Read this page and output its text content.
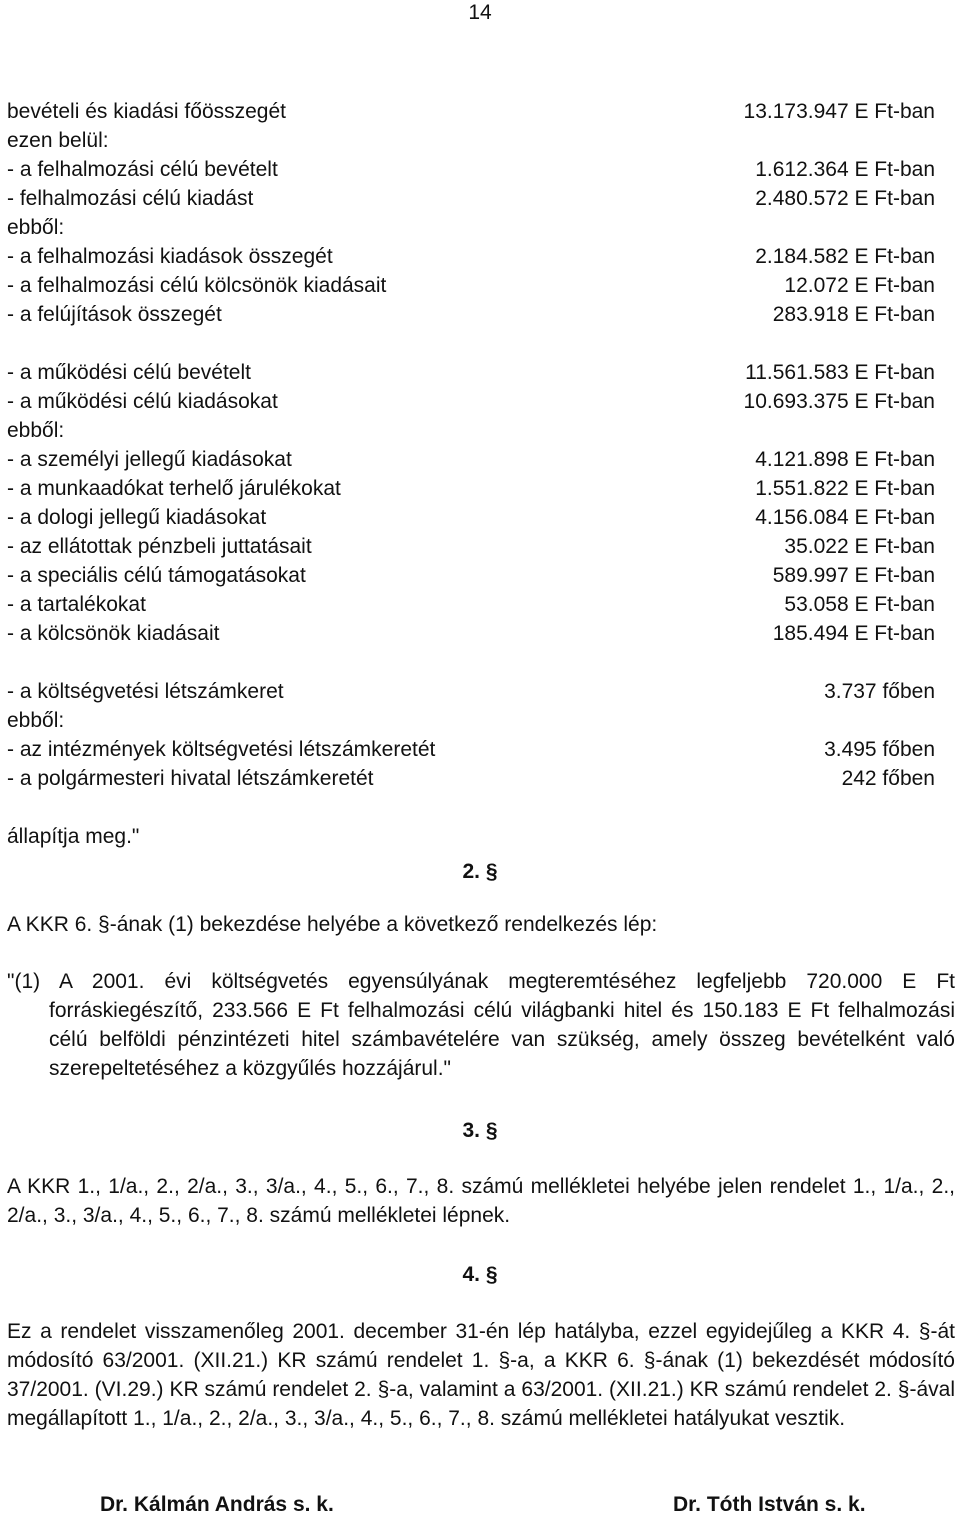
14
bevételi és kiadási főösszegét	13.173.947 E Ft-ban
ezen belül:
- a felhalmozási célú bevételt	1.612.364 E Ft-ban
- felhalmozási célú kiadást	2.480.572 E Ft-ban
ebből:
- a felhalmozási kiadások összegét	2.184.582 E Ft-ban
- a felhalmozási célú kölcsönök kiadásait	12.072 E Ft-ban
- a felújítások összegét	283.918 E Ft-ban
- a működési célú bevételt	11.561.583 E Ft-ban
- a működési célú kiadásokat	10.693.375 E Ft-ban
ebből:
- a személyi jellegű kiadásokat	4.121.898 E Ft-ban
- a munkaadókat terhelő járulékokat	1.551.822 E Ft-ban
- a dologi jellegű kiadásokat	4.156.084 E Ft-ban
- az ellátottak pénzbeli juttatásait	35.022 E Ft-ban
- a speciális célú támogatásokat	589.997 E Ft-ban
- a tartalékokat	53.058 E Ft-ban
- a kölcsönök kiadásait	185.494 E Ft-ban
- a költségvetési létszámkeret	3.737 főben
ebből:
- az intézmények költségvetési létszámkeretét	3.495 főben
- a polgármesteri hivatal létszámkeretét	242 főben
állapítja meg."
2. §
A KKR 6. §-ának (1) bekezdése helyébe a következő rendelkezés lép:
"(1) A 2001. évi költségvetés egyensúlyának megteremtéséhez legfeljebb 720.000 E Ft forráskiegészítő, 233.566 E Ft felhalmozási célú világbanki hitel és 150.183 E Ft felhalmozási célú belföldi pénzintézeti hitel számbavételére van szükség, amely összeg bevételként való szerepeltetéséhez a közgyűlés hozzájárul."
3. §
A KKR 1., 1/a., 2., 2/a., 3., 3/a., 4., 5., 6., 7., 8. számú mellékletei helyébe jelen rendelet 1., 1/a., 2., 2/a., 3., 3/a., 4., 5., 6., 7., 8. számú mellékletei lépnek.
4. §
Ez a rendelet visszamenőleg 2001. december 31-én lép hatályba, ezzel egyidejűleg a KKR 4. §-át módosító 63/2001. (XII.21.) KR számú rendelet 1. §-a, a KKR 6. §-ának (1) bekezdését módosító 37/2001. (VI.29.) KR számú rendelet 2. §-a, valamint a 63/2001. (XII.21.) KR számú rendelet 2. §-ával megállapított 1., 1/a., 2., 2/a., 3., 3/a., 4., 5., 6., 7., 8. számú mellékletei hatályukat vesztik.
Dr. Kálmán András s. k.	Dr. Tóth István s. k.
